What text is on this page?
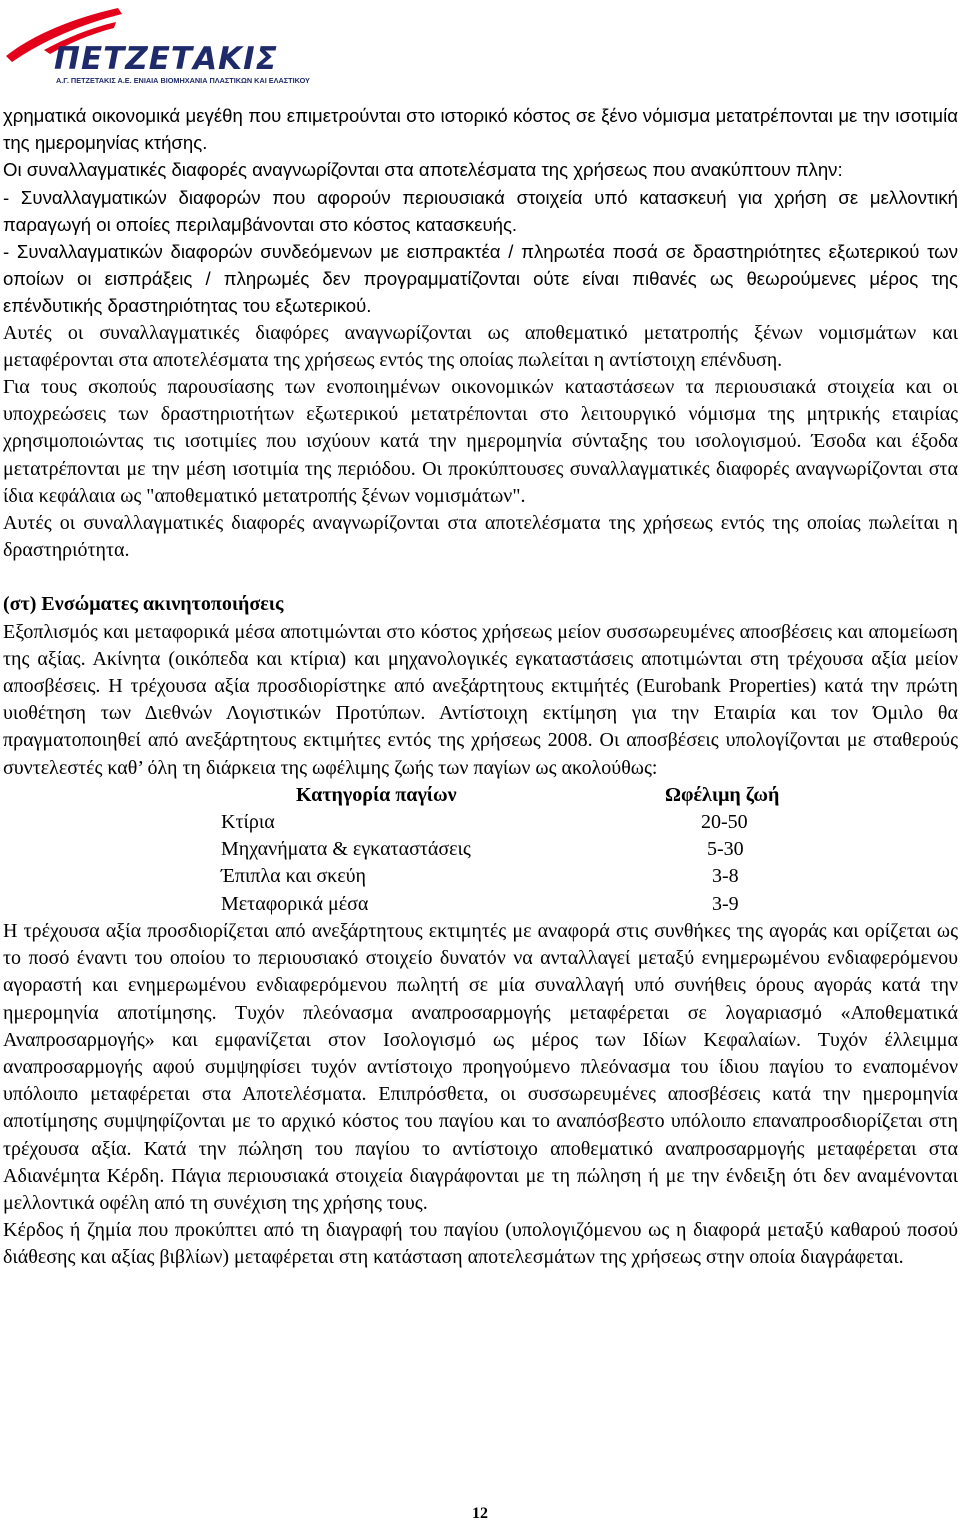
ΠΕΤΖΕΤΑΚΙΣ
Α.Γ. ΠΕΤΖΕΤΑΚΙΣ Α.Ε. ΕΝΙΑΙΑ ΒΙΟΜΗΧΑΝΙΑ ΠΛΑΣΤΙΚΩΝ ΚΑΙ ΕΛΑΣΤΙΚΟΥ

χρηματικά οικονομικά μεγέθη που επιμετρούνται στο ιστορικό κόστος σε ξένο νόμισμα μετατρέπονται με την ισοτιμία της ημερομηνίας κτήσης.

Οι συναλλαγματικές διαφορές αναγνωρίζονται στα αποτελέσματα της χρήσεως που ανακύπτουν πλην:

- Συναλλαγματικών διαφορών που αφορούν περιουσιακά στοιχεία υπό κατασκευή για χρήση σε μελλοντική παραγωγή οι οποίες περιλαμβάνονται στο κόστος κατασκευής.

- Συναλλαγματικών διαφορών συνδεόμενων με εισπρακτέα / πληρωτέα ποσά σε δραστηριότητες εξωτερικού των οποίων οι εισπράξεις / πληρωμές δεν προγραμματίζονται ούτε είναι πιθανές ως θεωρούμενες μέρος της επένδυτικής δραστηριότητας του εξωτερικού.

Αυτές οι συναλλαγματικές διαφόρες αναγνωρίζονται ως αποθεματικό μετατροπής ξένων νομισμάτων και μεταφέρονται στα αποτελέσματα της χρήσεως εντός της οποίας πωλείται η αντίστοιχη επένδυση.

Για τους σκοπούς παρουσίασης των ενοποιημένων οικονομικών καταστάσεων τα περιουσιακά στοιχεία και οι υποχρεώσεις των δραστηριοτήτων εξωτερικού μετατρέπονται στο λειτουργικό νόμισμα της μητρικής εταιρίας χρησιμοποιώντας τις ισοτιμίες που ισχύουν κατά την ημερομηνία σύνταξης του ισολογισμού. Έσοδα και έξοδα μετατρέπονται με την μέση ισοτιμία της περιόδου. Οι προκύπτουσες συναλλαγματικές διαφορές αναγνωρίζονται στα ίδια κεφάλαια ως "αποθεματικό μετατροπής ξένων νομισμάτων".

Αυτές οι συναλλαγματικές διαφορές αναγνωρίζονται στα αποτελέσματα της χρήσεως εντός της οποίας πωλείται η δραστηριότητα.

(στ) Ενσώματες ακινητοποιήσεις

Εξοπλισμός και μεταφορικά μέσα αποτιμώνται στο κόστος χρήσεως μείον συσσωρευμένες αποσβέσεις και απομείωση της αξίας. Ακίνητα (οικόπεδα και κτίρια) και μηχανολογικές εγκαταστάσεις αποτιμώνται στη τρέχουσα αξία μείον αποσβέσεις. Η τρέχουσα αξία προσδιορίστηκε από ανεξάρτητους εκτιμήτές (Eurobank Properties) κατά την πρώτη υιοθέτηση των Διεθνών Λογιστικών Προτύπων. Αντίστοιχη εκτίμηση για την Εταιρία και τον Όμιλο θα πραγματοποιηθεί από ανεξάρτητους εκτιμήτες εντός της χρήσεως 2008. Οι αποσβέσεις υπολογίζονται με σταθερούς συντελεστές καθ’ όλη τη διάρκεια της ωφέλιμης ζωής των παγίων ως ακολούθως:

Κατηγορία παγίων	Ωφέλιμη ζωή
Κτίρια	20-50
Μηχανήματα & εγκαταστάσεις	5-30
Έπιπλα και σκεύη	3-8
Μεταφορικά μέσα	3-9

Η τρέχουσα αξία προσδιορίζεται από ανεξάρτητους εκτιμητές με αναφορά στις συνθήκες της αγοράς και ορίζεται ως το ποσό έναντι του οποίου το περιουσιακό στοιχείο δυνατόν να ανταλλαγεί μεταξύ ενημερωμένου ενδιαφερόμενου αγοραστή και ενημερωμένου ενδιαφερόμενου πωλητή σε μία συναλλαγή υπό συνήθεις όρους αγοράς κατά την ημερομηνία αποτίμησης. Τυχόν πλεόνασμα αναπροσαρμογής μεταφέρεται σε λογαριασμό «Αποθεματικά Αναπροσαρμογής» και εμφανίζεται στον Ισολογισμό ως μέρος των Ιδίων Κεφαλαίων. Τυχόν έλλειμμα αναπροσαρμογής αφού συμψηφίσει τυχόν αντίστοιχο προηγούμενο πλεόνασμα του ίδιου παγίου το εναπομένον υπόλοιπο μεταφέρεται στα Αποτελέσματα. Επιπρόσθετα, οι συσσωρευμένες αποσβέσεις κατά την ημερομηνία αποτίμησης συμψηφίζονται με το αρχικό κόστος του παγίου και το αναπόσβεστο υπόλοιπο επαναπροσδιορίζεται στη τρέχουσα αξία. Κατά την πώληση του παγίου το αντίστοιχο αποθεματικό αναπροσαρμογής μεταφέρεται στα Αδιανέμητα Κέρδη. Πάγια περιουσιακά στοιχεία διαγράφονται με τη πώληση ή με την ένδειξη ότι δεν αναμένονται μελλοντικά οφέλη από τη συνέχιση της χρήσης τους.

Κέρδος ή ζημία που προκύπτει από τη διαγραφή του παγίου (υπολογιζόμενου ως η διαφορά μεταξύ καθαρού ποσού διάθεσης και αξίας βιβλίων) μεταφέρεται στη κατάσταση αποτελεσμάτων της χρήσεως στην οποία διαγράφεται.

12
